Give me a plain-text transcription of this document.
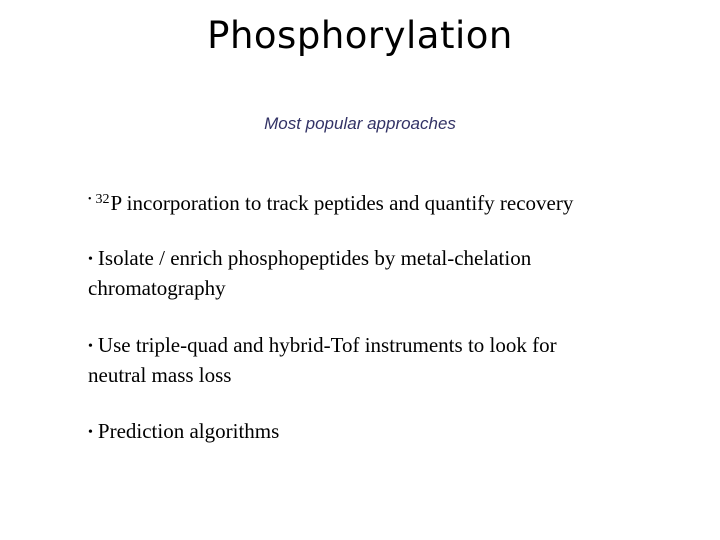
Phosphorylation
Most popular approaches
• $^{32}$P incorporation to track peptides and quantify recovery
• Isolate / enrich phosphopeptides by metal-chelation
chromatography
• Use triple-quad and hybrid-Tof instruments to look for
neutral mass loss
• Prediction algorithms
